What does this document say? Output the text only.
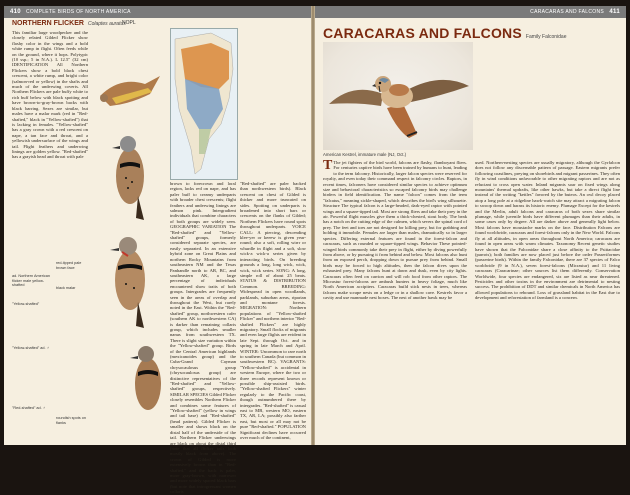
410 COMPLETE BIRDS OF NORTH AMERICA
NORTHERN FLICKER Colaptes auratus
NOPL
This familiar large woodpecker and the closely related Gilded Flicker show flashy color in the wings and a bold white rump in flight. Often feeds while on the ground, where it hops. Polytypic (10 ssp.; 5 in N.A.). L 12.5" (32 cm) IDENTIFICATION All Northern Flickers show a bold black chest crescent, a white rump, and bright color (salmon-red or yellow) in the shafts and much of the underwing coverts. All Northern Flickers are pale buffy white to rich buff below with black spotting and have brown-to-gray-brown backs with black barring. Sexes are similar, but males have a malar mark (red in "Red-shafted," black in "Yellow-shafted") that is lacking in females. "Yellow-shafted" has a gray crown with a red crescent on nape, a tan face and throat, and a yellowish undersurface of the wings and tail. Flight feathers and underwing linings are golden yellow. "Red-shafted" has a grayish head and throat with pale
brown to forecrown and loral region, lacks red on nape, and has paler buff to creamy underparts with broader chest crescents; flight feathers and underwing linings are salmon pink. Intergradient individuals that combine characters of both groups are widely seen. GEOGRAPHIC VARIATION The "Red-shafted" and "Yellow-shafted" groups, formerly considered separate species, are easily separated. In an extensive hybrid zone on Great Plains and northern Rocky Mountains from southeastern NM and the Texas Panhandle north to AB, BC, and southeastern AK, a large percentage of individuals encountered show traits of both groups. Intergrades are frequently seen in the areas of overlap and throughout the West, but rarely noted in the East. Within the "Red-shafted" group, northwestern cafer (southern AK to northwestern CA) is darker than remaining collaris group, which includes smaller nanus from southwestern TX. There is slight size variation within the "Yellow-shafted" group. Birds of the Central American highlands (mexicanoides group) and the Cuba-Grand Cayman chrysocaulosus group (chrysocaulosus group) are distinctive representatives of the "Red-shafted" and "Yellow-shafted" groups, respectively. SIMILAR SPECIES Gilded Flicker closely resembles Northern Flicker and combines some features of "Yellow-shafted" (yellow in wings and tail base) and "Red-shafted" (head pattern). Gilded Flicker is smaller and shows black on the distal half of the underside of the tail. Northern Flicker underwings are black on about the distal third (note that all flicker tails look mostly black from above). The crown of Gilded is more extensively brown than in "Red-shafted," and the back is paler, more gray-brown, with narrower and more widely spaced black bars (but note that introgressant women collaris
"Red-shafted" are paler backed than northwestern birds). Black crescent on chest of Gilded is thicker and more truncated on sides. Spotting on underparts is broadened into short bars or crescents on the flanks of Gilded; Northern Flickers have round spots throughout underparts. VOICE CALL: A piercing, descending klee-yer or keeew is given year-round; also a soft, rolling wirrr or whurdle in flight and a soft, slow wick-a wick-a series given by interacting birds. On breeding grounds a long, long wick, wick, wick, wick series. SONG: A long, simple roll of about 25 beats. STATUS & DISTRIBUTION Common. BREEDING: Widespread in open woodlands, parklands, suburban areas, riparian and montane forests. MIGRATION: Northern populations of "Yellow-shafted Flicker" and northern interior "Red-shafted Flickers" are highly migratory. Small flocks of migrants and even large flights are evident in late Sept. through Oct. and in spring in late March and April. WINTER: Uncommon to rare north to southern Canada (but common in southwestern BC). VAGRANTS: "Yellow-shafted" is accidental in western Europe, where the two or three records represent known or possible ship-assisted birds. "Yellow-shafted Flickers" winter regularly to the Pacific coast, though outnumbered there by intergrades. "Red-shafted" is casual east to MB, western MO, eastern TX, AR, LA; possibly also farther east, but most or all may not be pure "Red-shafted." POPULATION Significant declines have occurred over much of the continent,
ad. Northern American flicker male yellow-shafted
"Yellow-shafted"
red-tipped pale brown face
black malar
"Yellow-shafted" ad. ♂
"Red-shafted" ad. ♂
roundish spots on flanks
CARACARAS AND FALCONS 411
CARACARAS AND FALCONS Family Falconidae
American Kestrel, immature male (NJ, Oct.)
T The jet fighters of the bird world, falcons are flashy, flamboyant fliers. For centuries captive birds have been trained by humans to hunt, leading to the term falconry. Historically, larger falcon species were reserved for royalty, and even today their command respect in falconry circles. Raptors, in recent times, falconers have considered similar species to achieve optimum size and behavioral characteristics so escaped falconry birds may challenge birders in field identification. The name "falcon" comes from the term "falcatus," meaning sickle-shaped, which describes the bird's wing silhouette. Structure The typical falcon is a large-headed, dark-eyed raptor with pointed wings and a square-tipped tail. Most are strong fliers and take their prey in the air. Powerful flight muscles give them a thick-chested, stout body. The beak has a notch on the cutting edge of the culmen, which severs the spinal cord of prey. The feet and toes are not designed for killing prey, but for grabbing and holding it immobile. Females are larger than males, dramatically so in larger species. Differing external features are found in the forest-falcon and caracaras, such as rounded or square-tipped wings. Behavior These pointed-winged birds commonly take their prey in flight, either by diving powerfully from above, or by pursuing it from behind and below. Most falcons also hunt from an exposed perch, dropping down to pursue prey from behind. Small birds may be forced to high altitudes, then the falcon dives upon the exhausted prey. Many falcons hunt at dawn and dusk, even by city lights. Caracaras often feed on carrion and will rob food from other raptors. The Micrastur forest-falcons are ambush hunters in heavy foliage, much like North American accipiters. Caracaras build stick nests in trees, whereas falcons make scrape nests on a ledge or in a shallow cave. Kestrels favor a cavity and use manmade nest boxes. The nest of another hawk may be
used. Northern-nesting species are usually migratory, although the Gyrfalcon does not follow any discernable pattern of passage. Eastern migrants prefer following coastlines, preying on shorebirds and migrant passerines. They often fly in wind conditions unfavorable to other migrating raptors and are not as reluctant to cross open water. Inland migrants soar on fixed wings along mountains' thermal updrafts, like other hawks, but take a direct flight line instead of the writing "kettles" favored by the buteos. An owl decoy placed atop a long pole at a ridgeline hawk-watch site may attract a migrating falcon to swoop down and harass its historic enemy. Plumage Except for the kestrels and the Merlin, adult falcons and caracaras of both sexes share similar plumage, while juvenile birds have different plumages than their adults, in some cases only by degree. All are darker above and generally light below. Most falcons have moustache marks on the face. Distribution Falcons are found worldwide, caracaras and forest-falcons only in the New World. Falcons fly at all altitudes, in open areas throughout North America; caracaras are found in open areas with warm climates. Taxonomy Recent genetic studies have shown that the Falconidae share a close affinity to the Psittacidae (parrots); both families are now placed just before the order Passeriformes (passerine birds). Within the family Falconidae, there are 37 species of Falco worldwide (9 in N.A.), seven forest-falcons (Micrastur) and 11 living caracaras (Caracarinae; other sources list them differently. Conservation Worldwide, four species are endangered, six are listed as near threatened. Pesticides and other toxins in the environment are detrimental to nesting success. The prohibition of DDT and similar chemicals in North America has allowed populations to rebound. Loss of grassland habitat in the East due to development and reforestation of farmland is a concern.
